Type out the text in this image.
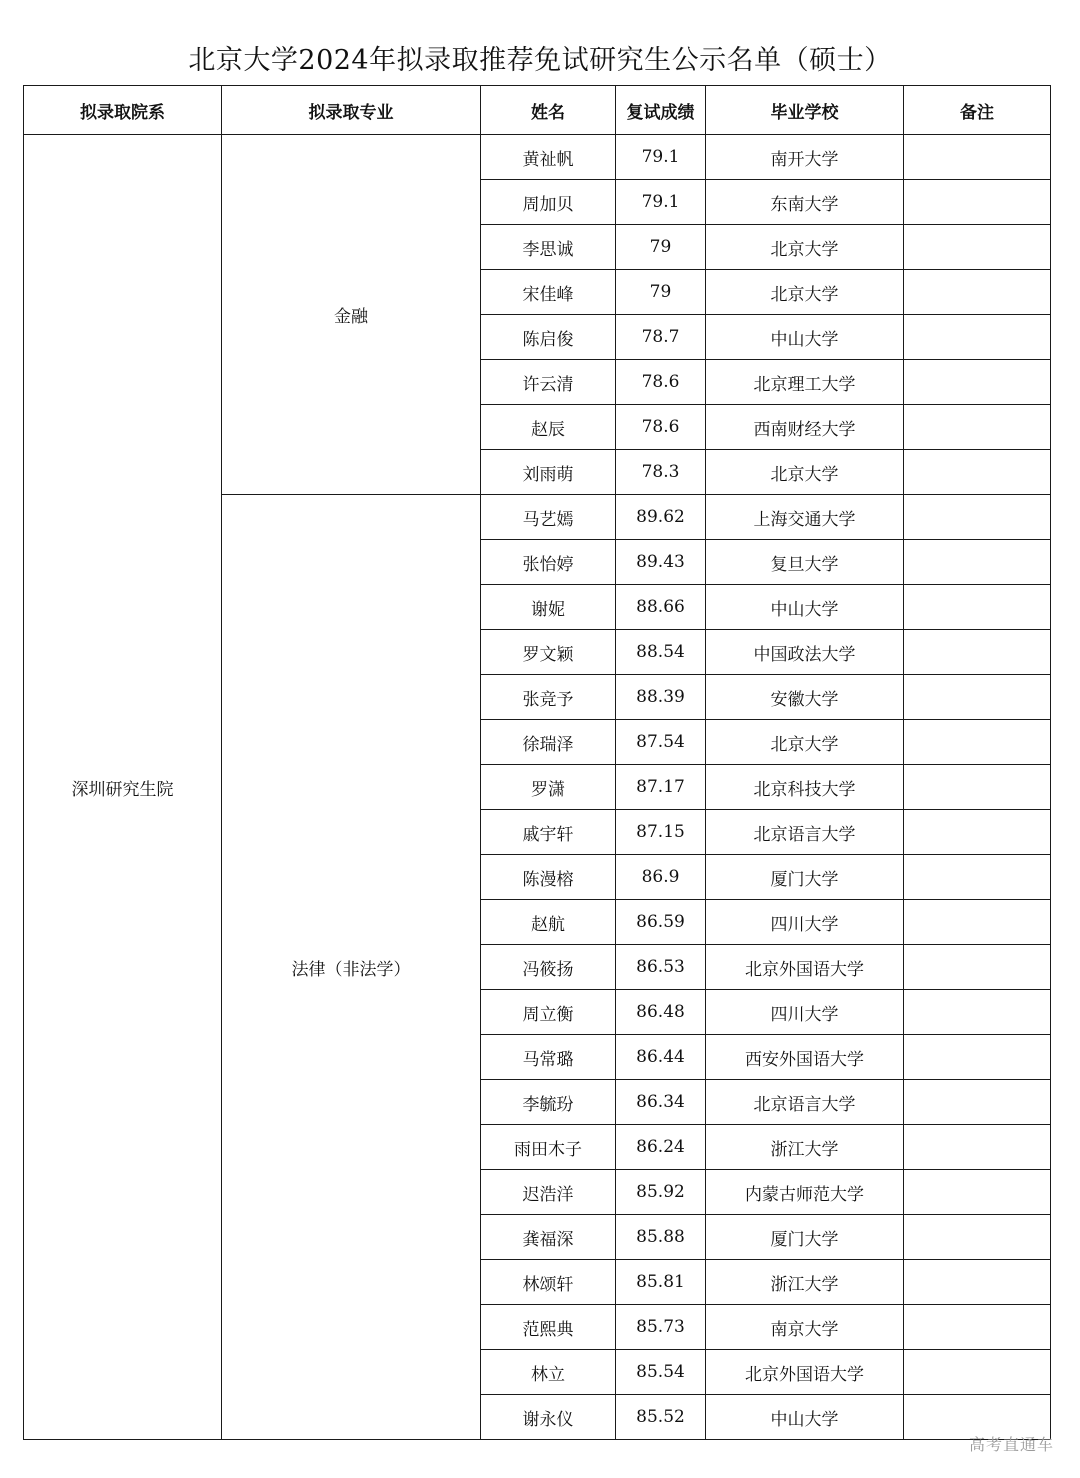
北京大学2024年拟录取推荐免试研究生公示名单（硕士）
拟录取院系	拟录取专业	姓名	复试成绩	毕业学校	备注
深圳研究生院	金融	黄祉帆	79.1	南开大学	
		周加贝	79.1	东南大学	
		李思诚	79	北京大学	
		宋佳峰	79	北京大学	
		陈启俊	78.7	中山大学	
		许云清	78.6	北京理工大学	
		赵辰	78.6	西南财经大学	
		刘雨萌	78.3	北京大学	
	法律（非法学）	马艺嫣	89.62	上海交通大学	
		张怡婷	89.43	复旦大学	
		谢妮	88.66	中山大学	
		罗文颖	88.54	中国政法大学	
		张竞予	88.39	安徽大学	
		徐瑞泽	87.54	北京大学	
		罗潇	87.17	北京科技大学	
		戚宇轩	87.15	北京语言大学	
		陈漫榕	86.9	厦门大学	
		赵航	86.59	四川大学	
		冯筱扬	86.53	北京外国语大学	
		周立衡	86.48	四川大学	
		马常璐	86.44	西安外国语大学	
		李毓玢	86.34	北京语言大学	
		雨田木子	86.24	浙江大学	
		迟浩洋	85.92	内蒙古师范大学	
		龚福深	85.88	厦门大学	
		林颂轩	85.81	浙江大学	
		范熙典	85.73	南京大学	
		林立	85.54	北京外国语大学	
		谢永仪	85.52	中山大学	
高考直通车
